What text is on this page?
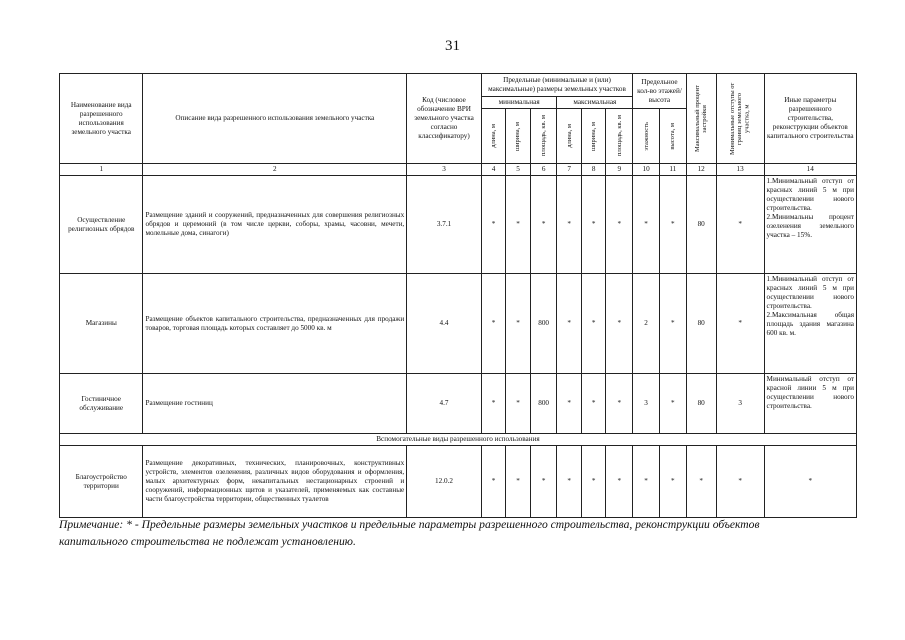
31
Наименование вида разрешенного использования земельного участка	Описание вида разрешенного использования земельного участка	Код (числовое обозначение ВРИ земельного участка согласно классификатору)	Предельные (минимальные и (или) максимальные) размеры земельных участков						Предельное кол-во этажей/ высота		Максимальный процент застройки	Минимальные отступы от границ земельного участка, м	Иные параметры разрешенного строительства, реконструкции объектов капитального строительства
			минимальная			максимальная							

			длина, м	ширина, м	площадь, кв. м	длина, м	ширина, м	площадь, кв. м	этажность	высота, м			

1	2	3	4	5	6	7	8	9	10	11	12	13	14
Осуществление религиозных обрядов	Размещение зданий и сооружений, предназначенных для совершения религиозных обрядов и церемоний (в том числе церкви, соборы, храмы, часовни, мечети, молельные дома, синагоги)	3.7.1	*	*	*	*	*	*	*	*	80	*	1.Минимальный отступ от красных линий 5 м при осуществлении нового строительства. 2.Минимальны процент озеленения земельного участка – 15%.
Магазины	Размещение объектов капитального строительства, предназначенных для продажи товаров, торговая площадь которых составляет до 5000 кв. м	4.4	*	*	800	*	*	*	2	*	80	*	1.Минимальный отступ от красных линий 5 м при осуществлении нового строительства. 2.Максимальная общая площадь здания магазина 600 кв. м.
Гостиничное обслуживание	Размещение гостиниц	4.7	*	*	800	*	*	*	3	*	80	3	Минимальный отступ от красной линии 5 м при осуществлении нового строительства.
Вспомогательные виды разрешенного использования													
Благоустройство территории	Размещение декоративных, технических, планировочных, конструктивных устройств, элементов озеленения, различных видов оборудования и оформления, малых архитектурных форм, некапитальных нестационарных строений и сооружений, информационных щитов и указателей, применяемых как составные части благоустройства территории, общественных туалетов	12.0.2	*	*	*	*	*	*	*	*	*	*	*
Примечание: * - Предельные размеры земельных участков и предельные параметры разрешенного строительства, реконструкции объектов капитального строительства не подлежат установлению.
